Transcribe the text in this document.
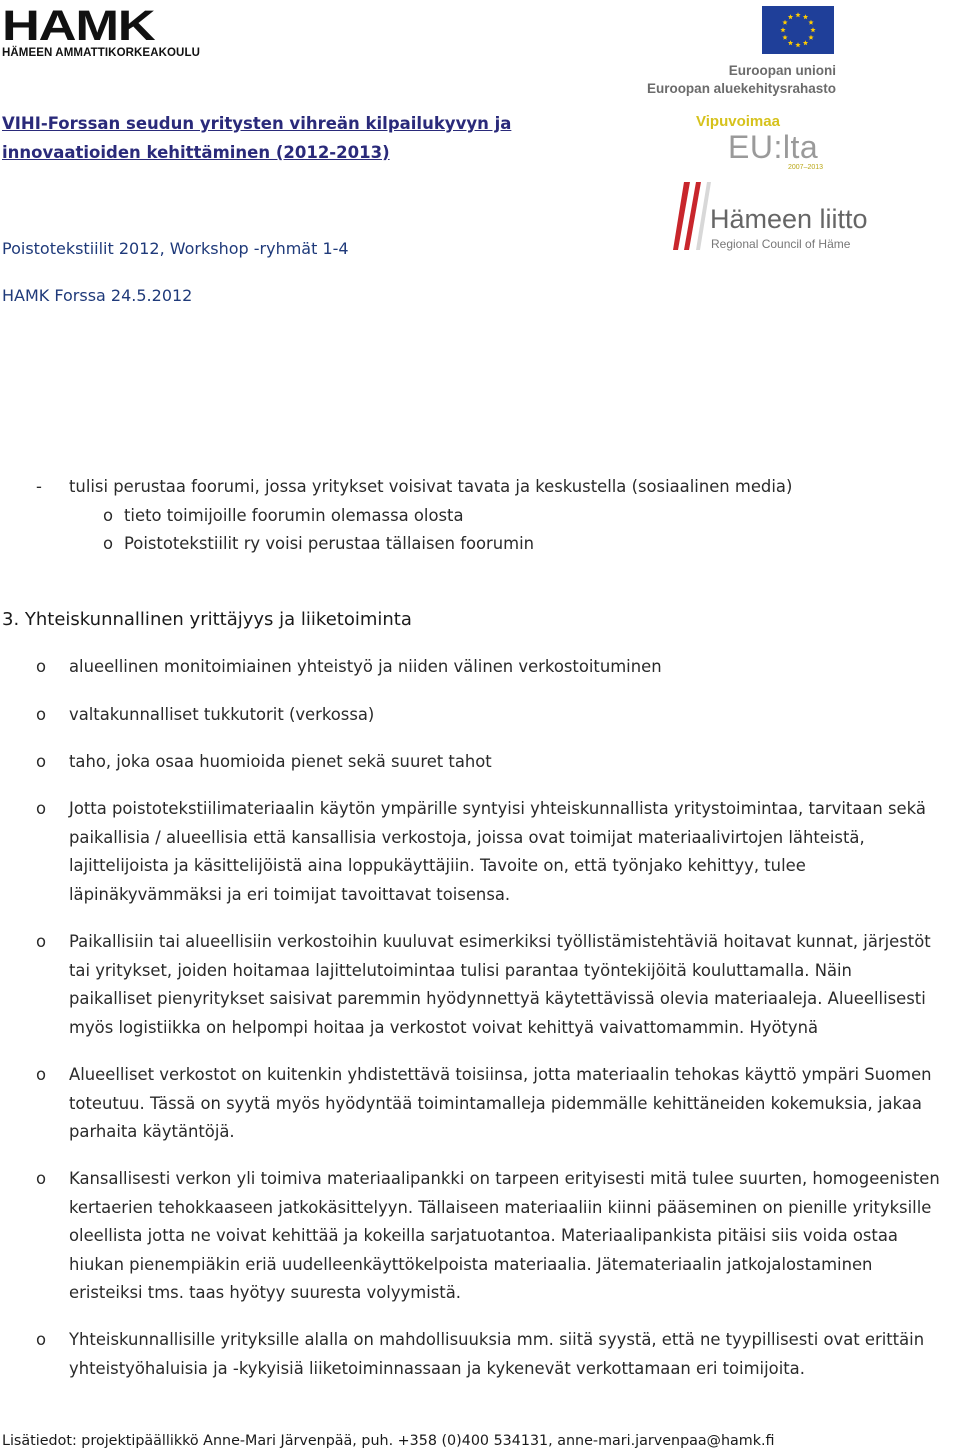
HAMK
HÄMEEN AMMATTIKORKEAKOULU
Euroopan unioni
Euroopan aluekehitysrahasto
Vipuvoimaa
EU:lta
2007–2013
Hämeen liitto
Regional Council of Häme
VIHI-Forssan seudun yritysten vihreän kilpailukyvyn ja
innovaatioiden kehittäminen (2012-2013)
Poistotekstiilit 2012, Workshop -ryhmät 1-4
HAMK Forssa 24.5.2012
- tulisi perustaa foorumi, jossa yritykset voisivat tavata ja keskustella (sosiaalinen media)
o tieto toimijoille foorumin olemassa olosta
o Poistotekstiilit ry voisi perustaa tällaisen foorumin
3. Yhteiskunnallinen yrittäjyys ja liiketoiminta
o alueellinen monitoimiainen yhteistyö ja niiden välinen verkostoituminen
o valtakunnalliset tukkutorit (verkossa)
o taho, joka osaa huomioida pienet sekä suuret tahot
o Jotta poistotekstiilimateriaalin käytön ympärille syntyisi yhteiskunnallista yritystoimintaa, tarvitaan sekä
paikallisia / alueellisia että kansallisia verkostoja, joissa ovat toimijat materiaalivirtojen lähteistä,
lajittelijoista ja käsittelijöistä aina loppukäyttäjiin. Tavoite on, että työnjako kehittyy, tulee
läpinäkyvämmäksi ja eri toimijat tavoittavat toisensa.
o Paikallisiin tai alueellisiin verkostoihin kuuluvat esimerkiksi työllistämistehtäviä hoitavat kunnat, järjestöt
tai yritykset, joiden hoitamaa lajittelutoimintaa tulisi parantaa työntekijöitä kouluttamalla. Näin
paikalliset pienyritykset saisivat paremmin hyödynnettyä käytettävissä olevia materiaaleja. Alueellisesti
myös logistiikka on helpompi hoitaa ja verkostot voivat kehittyä vaivattomammin. Hyötynä
o Alueelliset verkostot on kuitenkin yhdistettävä toisiinsa, jotta materiaalin tehokas käyttö ympäri Suomen
toteutuu. Tässä on syytä myös hyödyntää toimintamalleja pidemmälle kehittäneiden kokemuksia, jakaa
parhaita käytäntöjä.
o Kansallisesti verkon yli toimiva materiaalipankki on tarpeen erityisesti mitä tulee suurten, homogeenisten
kertaerien tehokkaaseen jatkokäsittelyyn. Tällaiseen materiaaliin kiinni pääseminen on pienille yrityksille
oleellista jotta ne voivat kehittää ja kokeilla sarjatuotantoa. Materiaalipankista pitäisi siis voida ostaa
hiukan pienempiäkin eriä uudelleenkäyttökelpoista materiaalia. Jätemateriaalin jatkojalostaminen
eristeiksi tms. taas hyötyy suuresta volyymistä.
o Yhteiskunnallisille yrityksille alalla on mahdollisuuksia mm. siitä syystä, että ne tyypillisesti ovat erittäin
yhteistyöhaluisia ja -kykyisiä liiketoiminnassaan ja kykenevät verkottamaan eri toimijoita.
Lisätiedot: projektipäällikkö Anne-Mari Järvenpää, puh. +358 (0)400 534131, anne-mari.jarvenpaa@hamk.fi
